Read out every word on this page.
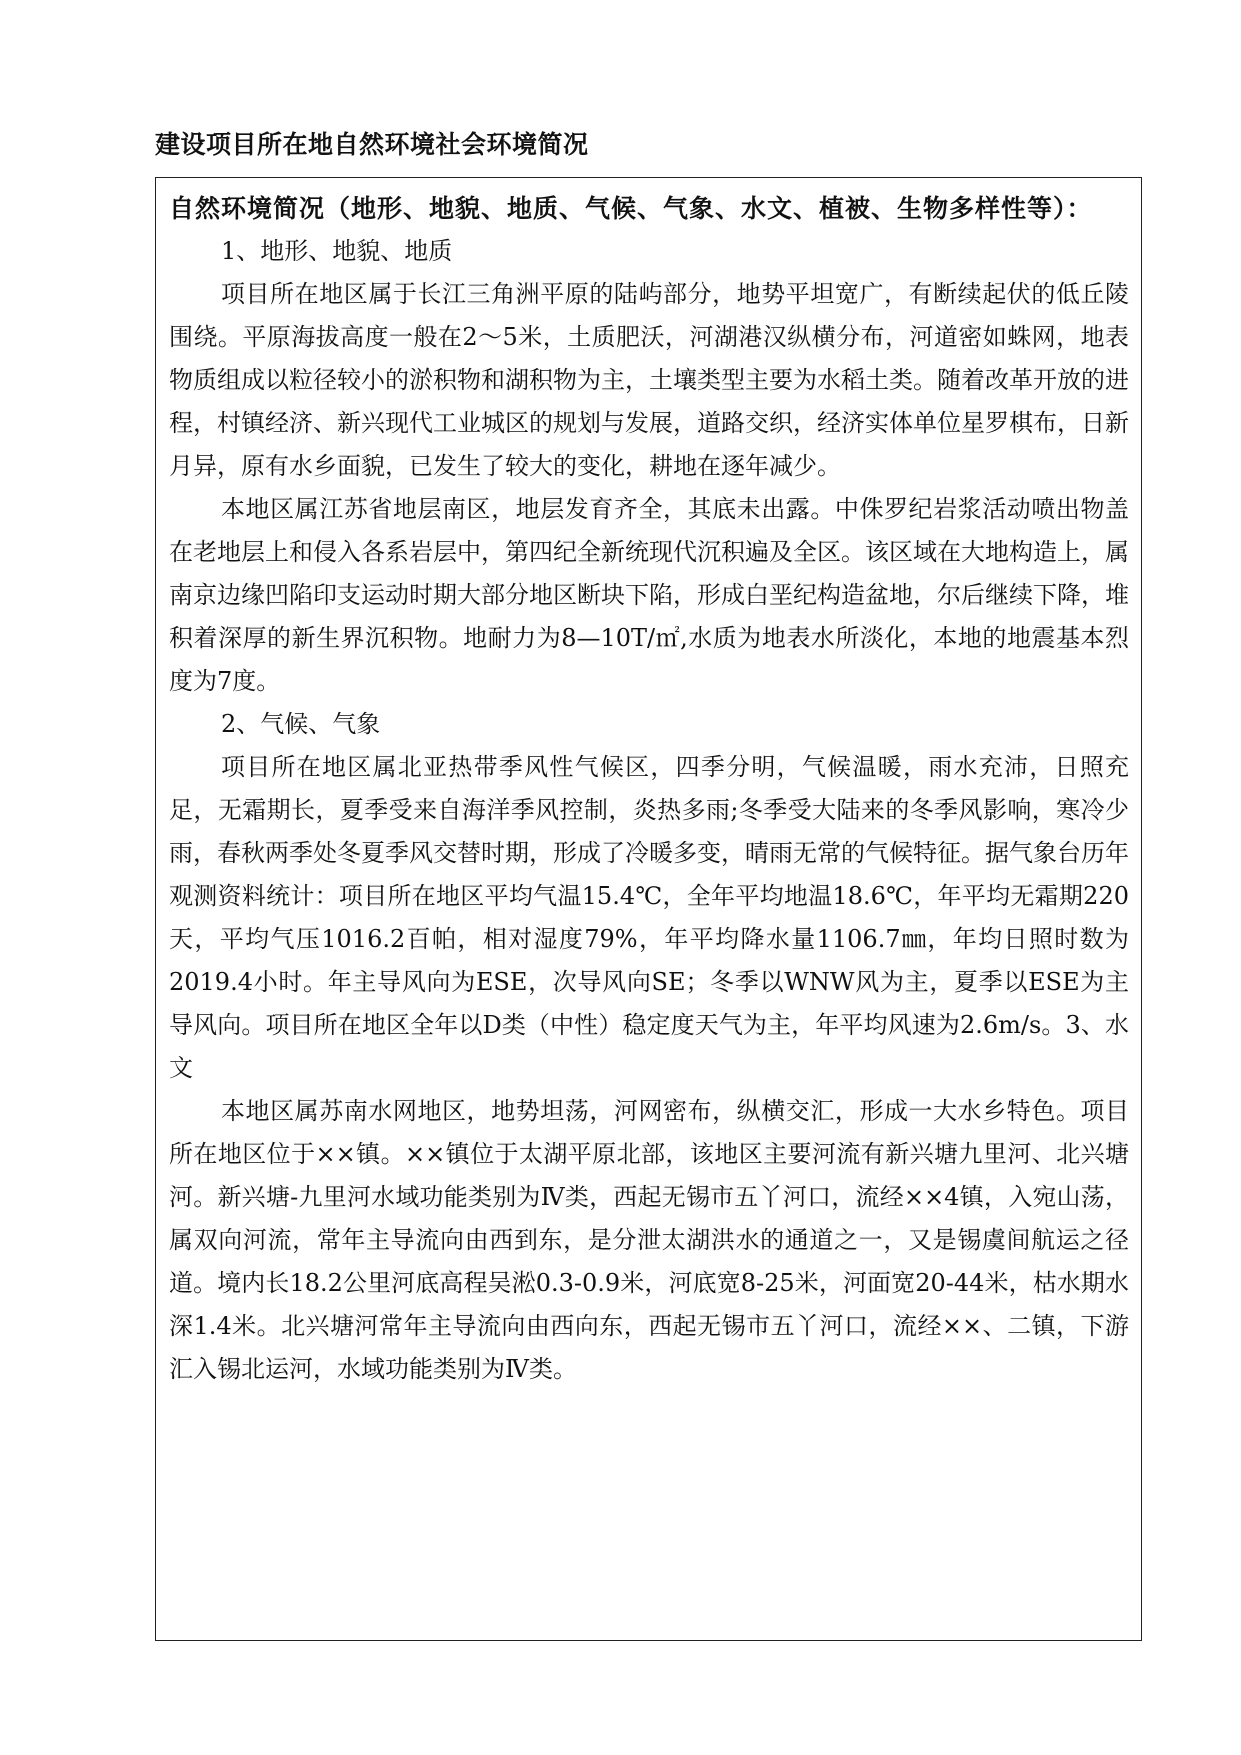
建设项目所在地自然环境社会环境简况

自然环境简况（地形、地貌、地质、气候、气象、水文、植被、生物多样性等）：

1、地形、地貌、地质

项目所在地区属于长江三角洲平原的陆屿部分，地势平坦宽广，有断续起伏的低丘陵围绕。平原海拔高度一般在2～5米，土质肥沃，河湖港汉纵横分布，河道密如蛛网，地表物质组成以粒径较小的淤积物和湖积物为主，土壤类型主要为水稻土类。随着改革开放的进程，村镇经济、新兴现代工业城区的规划与发展，道路交织，经济实体单位星罗棋布，日新月异，原有水乡面貌，已发生了较大的变化，耕地在逐年减少。

本地区属江苏省地层南区，地层发育齐全，其底未出露。中侏罗纪岩浆活动喷出物盖在老地层上和侵入各系岩层中，第四纪全新统现代沉积遍及全区。该区域在大地构造上，属南京边缘凹陷印支运动时期大部分地区断块下陷，形成白垩纪构造盆地，尔后继续下降，堆积着深厚的新生界沉积物。地耐力为8—10T/㎡,水质为地表水所淡化，本地的地震基本烈度为7度。

2、气候、气象

项目所在地区属北亚热带季风性气候区，四季分明，气候温暖，雨水充沛，日照充足，无霜期长，夏季受来自海洋季风控制，炎热多雨;冬季受大陆来的冬季风影响，寒冷少雨，春秋两季处冬夏季风交替时期，形成了冷暖多变，晴雨无常的气候特征。据气象台历年观测资料统计：项目所在地区平均气温15.4℃，全年平均地温18.6℃，年平均无霜期220天，平均气压1016.2百帕，相对湿度79%，年平均降水量1106.7㎜，年均日照时数为2019.4小时。年主导风向为ESE，次导风向SE；冬季以WNW风为主，夏季以ESE为主导风向。项目所在地区全年以D类（中性）稳定度天气为主，年平均风速为2.6m/s。3、水文

本地区属苏南水网地区，地势坦荡，河网密布，纵横交汇，形成一大水乡特色。项目所在地区位于××镇。××镇位于太湖平原北部，该地区主要河流有新兴塘九里河、北兴塘河。新兴塘-九里河水域功能类别为Ⅳ类，西起无锡市五丫河口，流经××4镇，入宛山荡，属双向河流，常年主导流向由西到东，是分泄太湖洪水的通道之一，又是锡虞间航运之径道。境内长18.2公里河底高程吴淞0.3-0.9米，河底宽8-25米，河面宽20-44米，枯水期水深1.4米。北兴塘河常年主导流向由西向东，西起无锡市五丫河口，流经××、二镇，下游汇入锡北运河，水域功能类别为Ⅳ类。
